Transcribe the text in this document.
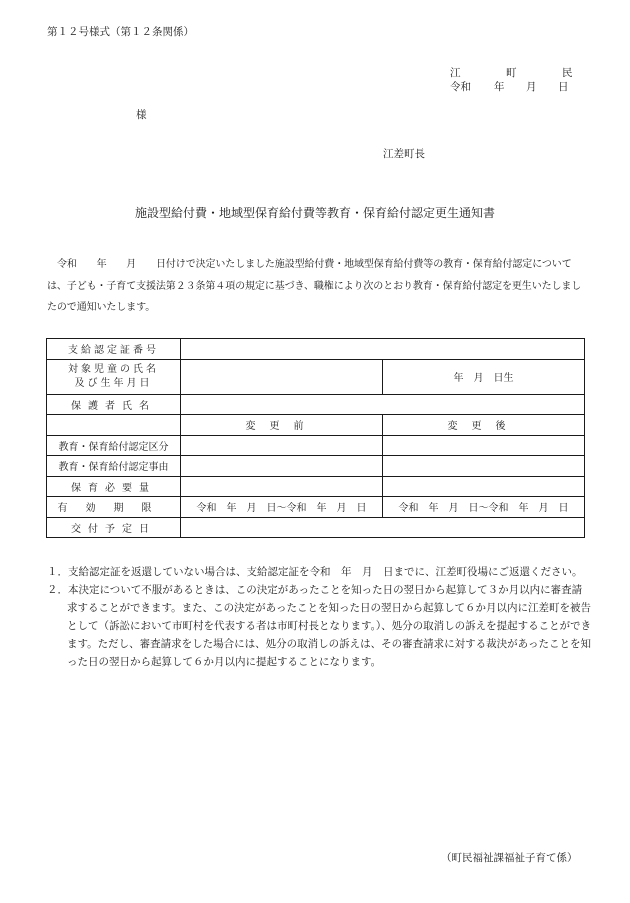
第１２号様式（第１２条関係）
江	町	民
令和 年 月 日
様
江差町長
施設型給付費・地域型保育給付費等教育・保育給付認定更生通知書
令和　　年　　月　　日付けで決定いたしました施設型給付費・地域型保育給付費等の教育・保育給付認定については、子ども・子育て支援法第２３条第４項の規定に基づき、職権により次のとおり教育・保育給付認定を更生いたしましたので通知いたします。
支給認定証番号		
対象児童の氏名
及び生年月日		年　月　日生
保護者氏名		
	変更前	変更後
教育・保育給付認定区分		
教育・保育給付認定事由		
保育必要量		
有効期限	令和　年　月　日～令和　年　月　日	令和　年　月　日～令和　年　月　日
交付予定日		

１．支給認定証を返還していない場合は、支給認定証を令和　年　月　日までに、江差町役場にご返還ください。

２．本決定について不服があるときは、この決定があったことを知った日の翌日から起算して３か月以内に審査請求することができます。また、この決定があったことを知った日の翌日から起算して６か月以内に江差町を被告として（訴訟において市町村を代表する者は市町村長となります。）、処分の取消しの訴えを提起することができます。ただし、審査請求をした場合には、処分の取消しの訴えは、その審査請求に対する裁決があったことを知った日の翌日から起算して６か月以内に提起することになります。

（町民福祉課福祉子育て係）
